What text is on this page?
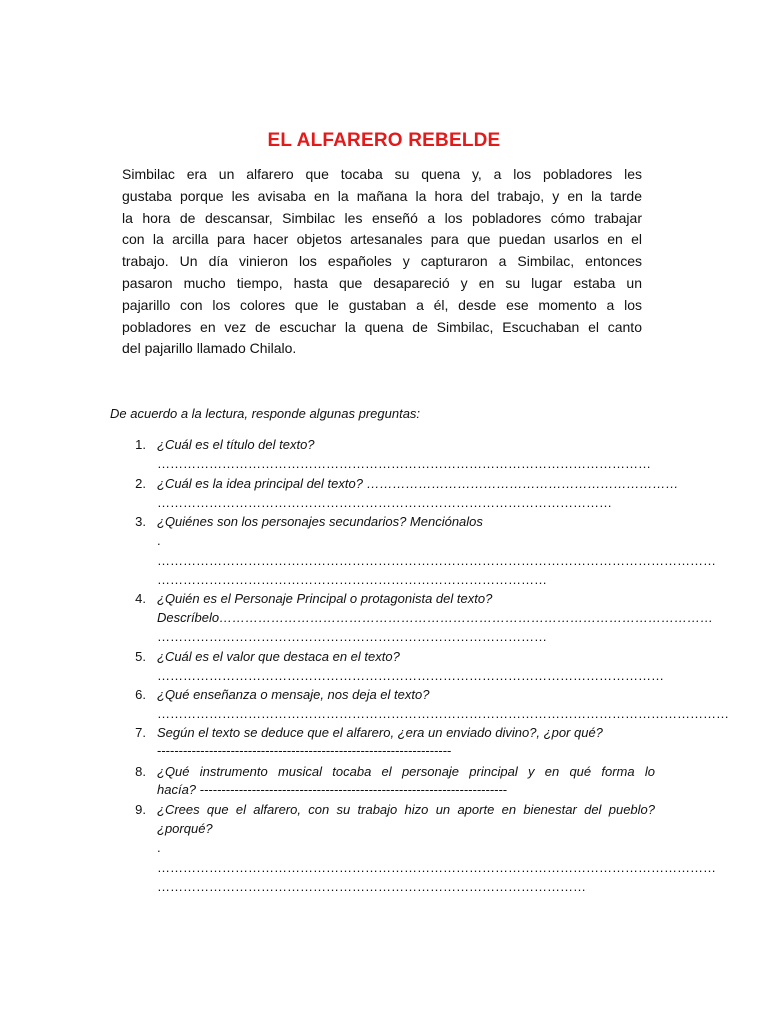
EL ALFARERO REBELDE
Simbilac era un alfarero que tocaba su quena y, a los pobladores les
gustaba porque les avisaba en la mañana la hora del trabajo, y en la tarde
la hora de descansar, Simbilac les enseñó a los pobladores cómo trabajar
con la arcilla para hacer objetos artesanales para que puedan usarlos en el
trabajo. Un día vinieron los españoles y capturaron a Simbilac, entonces
pasaron mucho tiempo, hasta que desapareció y en su lugar estaba un
pajarillo con los colores que le gustaban a él, desde ese momento a los
pobladores en vez de escuchar la quena de Simbilac, Escuchaban el canto
del pajarillo llamado Chilalo.
De acuerdo a la lectura, responde algunas preguntas:
1. ¿Cuál es el título del texto?
……………………………………………………………………………………………………
2. ¿Cuál es la idea principal del texto? ………………………………………………………………
……………………………………………………………………………………………
3. ¿Quiénes son los personajes secundarios? Menciónalos
.
…………………………………………………………………………………………………………………
………………………………………………………………………………
4. ¿Quién es el Personaje Principal o protagonista del texto?
Descríbelo……………………………………………………………………………………………………
………………………………………………………………………………
5. ¿Cuál es el valor que destaca en el texto?
………………………………………………………………………………………………………
6. ¿Qué enseñanza o mensaje, nos deja el texto?
……………………………………………………………………………………………………………………
7. Según el texto se deduce que el alfarero, ¿era un enviado divino?, ¿por qué?
--------------------------------------------------------------------
8. ¿Qué instrumento musical tocaba el personaje principal y en qué forma lo
hacía? -----------------------------------------------------------------------
9. ¿Crees que el alfarero, con su trabajo hizo un aporte en bienestar del pueblo?
¿porqué?
.
…………………………………………………………………………………………………………………
………………………………………………………………………………………
